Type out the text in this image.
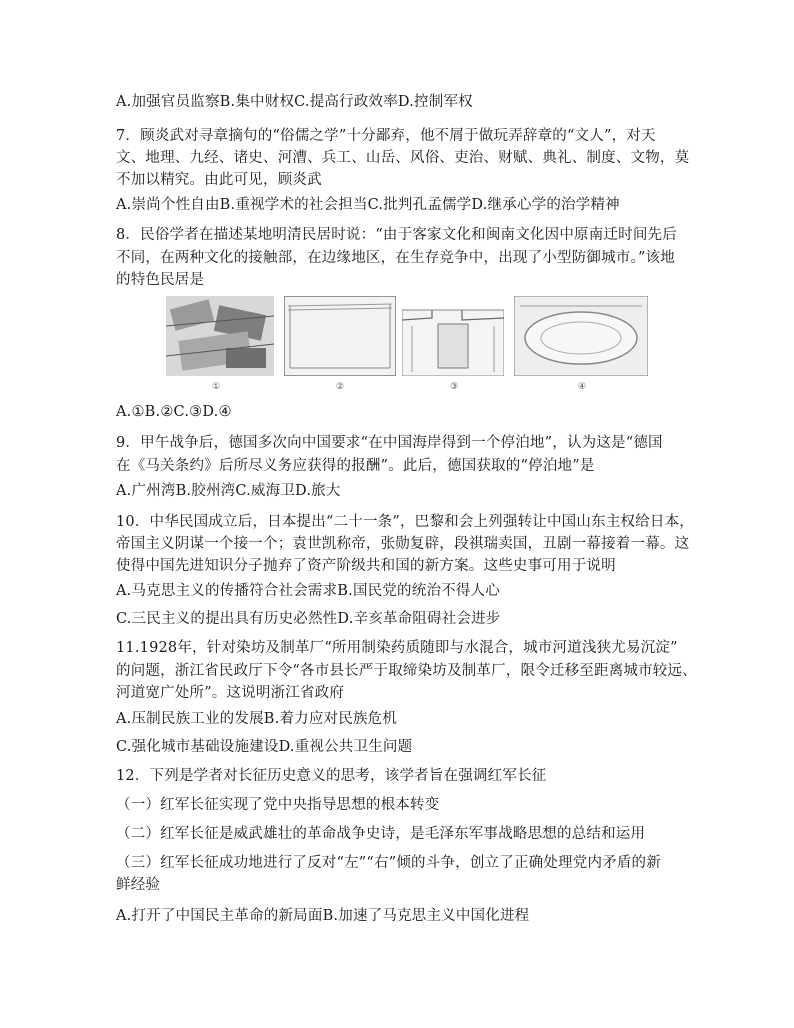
A.加强官员监察B.集中财权C.提高行政效率D.控制军权
7．顾炎武对寻章摘句的“俗儒之学”十分鄙弃，他不屑于做玩弄辞章的“文人”，对天
文、地理、九经、诸史、河漕、兵工、山岳、风俗、吏治、财赋、典礼、制度、文物，莫
不加以精究。由此可见，顾炎武
A.崇尚个性自由B.重视学术的社会担当C.批判孔孟儒学D.继承心学的治学精神
8．民俗学者在描述某地明清民居时说：“由于客家文化和闽南文化因中原南迁时间先后
不同，在两种文化的接触部，在边缘地区，在生存竞争中，出现了小型防御城市。”该地
的特色民居是
①	②	③	④
A.①B.②C.③D.④
9．甲午战争后，德国多次向中国要求“在中国海岸得到一个停泊地”，认为这是“德国
在《马关条约》后所尽义务应获得的报酬”。此后，德国获取的“停泊地”是
A.广州湾B.胶州湾C.威海卫D.旅大
10．中华民国成立后，日本提出“二十一条”，巴黎和会上列强转让中国山东主权给日本，
帝国主义阴谋一个接一个；袁世凯称帝，张勋复辟，段祺瑞卖国，丑剧一幕接着一幕。这
使得中国先进知识分子抛弃了资产阶级共和国的新方案。这些史事可用于说明
A.马克思主义的传播符合社会需求B.国民党的统治不得人心
C.三民主义的提出具有历史必然性D.辛亥革命阻碍社会进步
11.1928年，针对染坊及制革厂“所用制染药质随即与水混合，城市河道浅狭尤易沉淀”
的问题，浙江省民政厅下令“各市县长严于取缔染坊及制革厂，限令迁移至距离城市较远、
河道宽广处所”。这说明浙江省政府
A.压制民族工业的发展B.着力应对民族危机
C.强化城市基础设施建设D.重视公共卫生问题
12．下列是学者对长征历史意义的思考，该学者旨在强调红军长征
（一）红军长征实现了党中央指导思想的根本转变
（二）红军长征是威武雄壮的革命战争史诗，是毛泽东军事战略思想的总结和运用
（三）红军长征成功地进行了反对“左”“右”倾的斗争，创立了正确处理党内矛盾的新
鲜经验
A.打开了中国民主革命的新局面B.加速了马克思主义中国化进程
